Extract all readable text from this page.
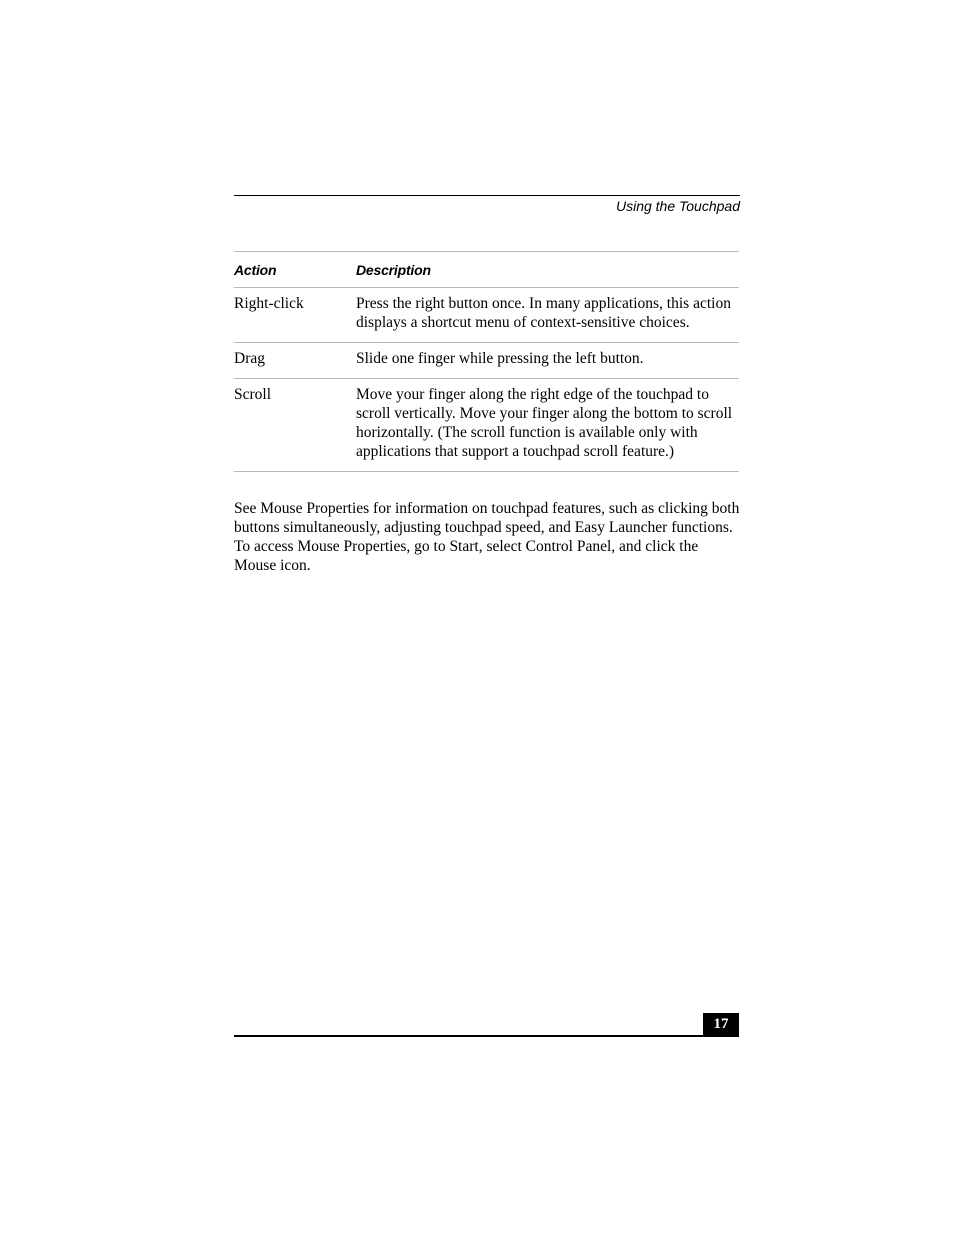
Using the Touchpad
Action	Description
Right-click	Press the right button once. In many applications, this action displays a shortcut menu of context-sensitive choices.
Drag	Slide one finger while pressing the left button.
Scroll	Move your finger along the right edge of the touchpad to scroll vertically. Move your finger along the bottom to scroll horizontally. (The scroll function is available only with applications that support a touchpad scroll feature.)

See Mouse Properties for information on touchpad features, such as clicking both buttons simultaneously, adjusting touchpad speed, and Easy Launcher functions. To access Mouse Properties, go to Start, select Control Panel, and click the Mouse icon.

17
